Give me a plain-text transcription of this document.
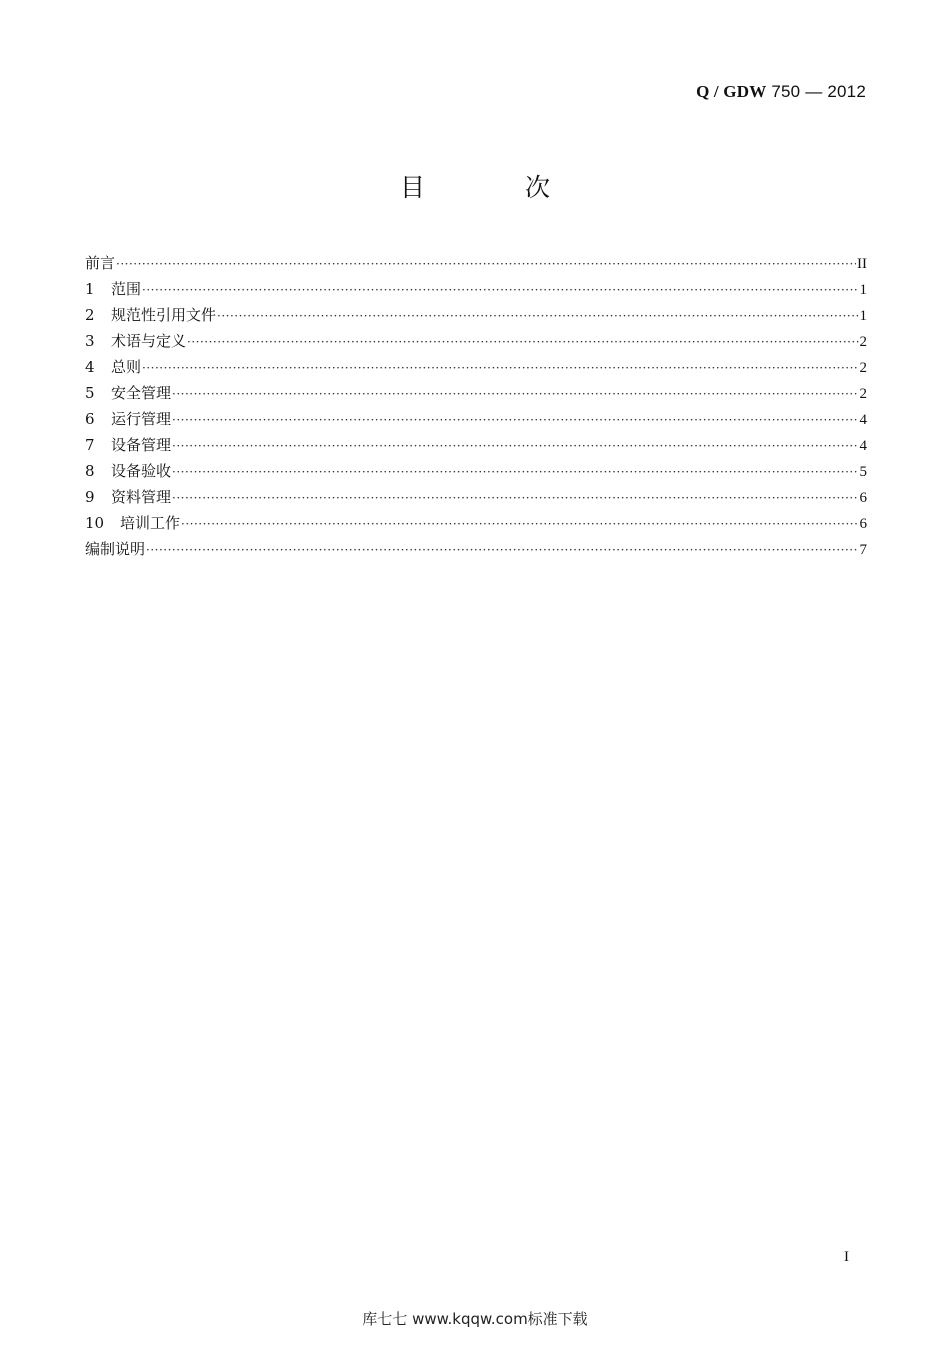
Q / GDW 750 — 2012
目 次
前言 ·····	II
1	范围 ·····	1
2	规范性引用文件 ·····	1
3	术语与定义 ·····	2
4	总则 ·····	2
5	安全管理 ·····	2
6	运行管理 ·····	4
7	设备管理 ·····	4
8	设备验收 ·····	5
9	资料管理 ·····	6
10	培训工作 ·····	6
编制说明 ·····	7
I
库七七 www.kqqw.com标准下载
